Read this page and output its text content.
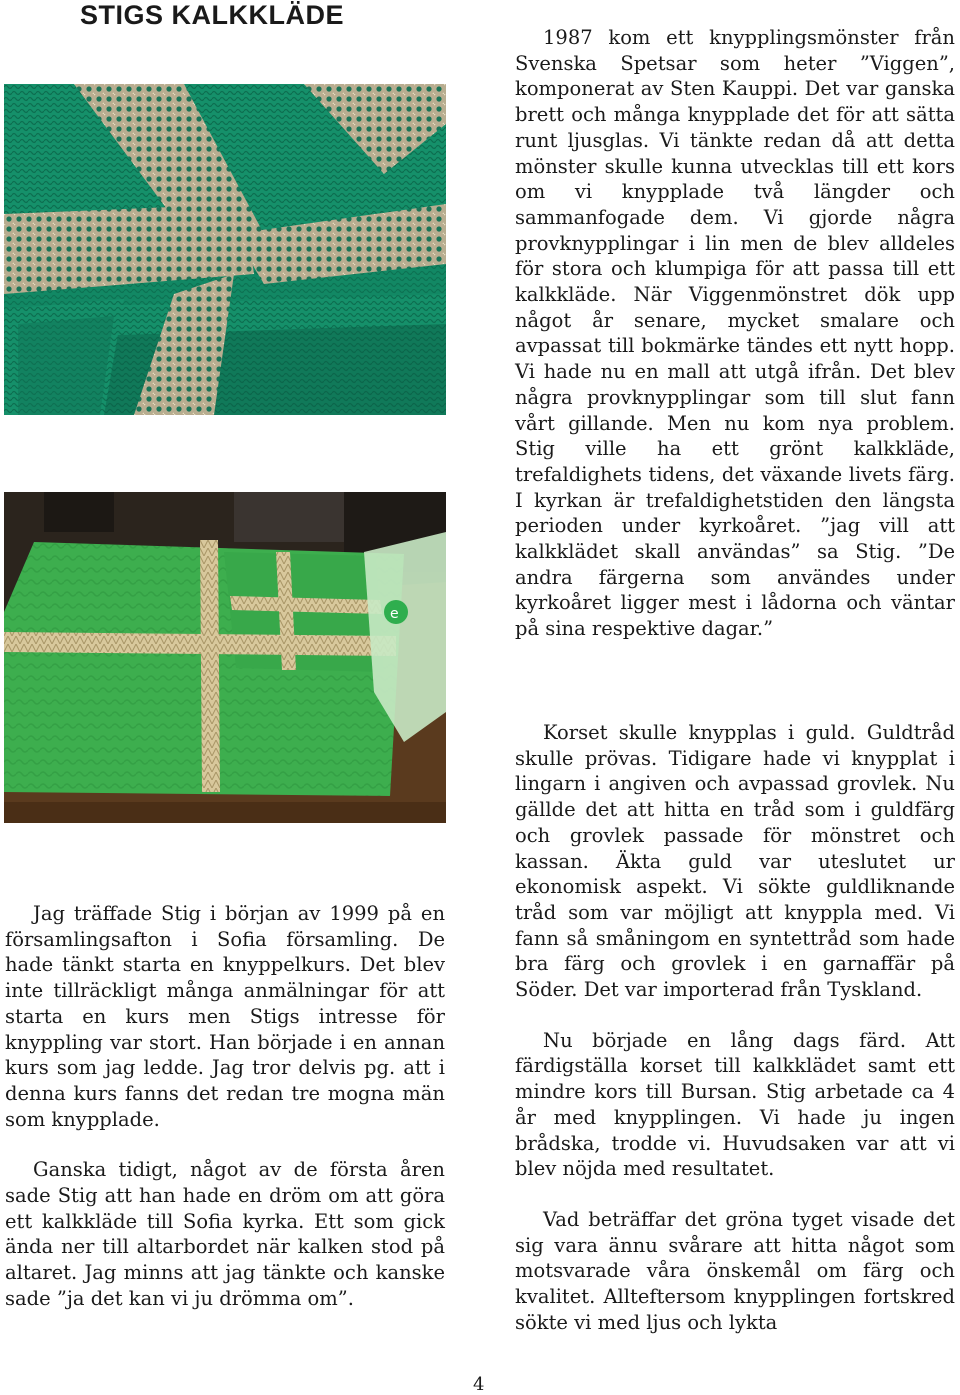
STIGS KALKKLÄDE
e

1987 kom ett knypplingsmönster från Svenska Spetsar som heter ”Viggen”, komponerat av Sten Kauppi. Det var ganska brett och många knypplade det för att sätta runt ljusglas. Vi tänkte redan då att detta mönster skulle kunna utvecklas till ett kors om vi knypplade två längder och sammanfogade dem. Vi gjorde några provknypplingar i lin men de blev alldeles för stora och klumpiga för att passa till ett kalkkläde. När Viggenmönstret dök upp något år senare, mycket smalare och avpassat till bokmärke tändes ett nytt hopp. Vi hade nu en mall att utgå ifrån. Det blev några provknypplingar som till slut fann vårt gillande. Men nu kom nya problem. Stig ville ha ett grönt kalkkläde, trefaldighets tidens, det växande livets färg. I kyrkan är trefaldighetstiden den längsta perioden under kyrkoåret. ”jag vill att kalkklädet skall användas” sa Stig. ”De andra färgerna som användes under kyrkoåret ligger mest i lådorna och väntar på sina respektive dagar.”

Korset skulle knypplas i guld. Guldtråd skulle prövas. Tidigare hade vi knypplat i lingarn i angiven och avpassad grovlek. Nu gällde det att hitta en tråd som i guldfärg och grovlek passade för mönstret och kassan. Äkta guld var uteslutet ur ekonomisk aspekt. Vi sökte guldliknande tråd som var möjligt att knyppla med. Vi fann så småningom en syntettråd som hade bra färg och grovlek i en garnaffär på Söder. Det var importerad från Tyskland.

Nu började en lång dags färd. Att färdigställa korset till kalkklädet samt ett mindre kors till Bursan. Stig arbetade ca 4 år med knypplingen. Vi hade ju ingen brådska, trodde vi. Huvudsaken var att vi blev nöjda med resultatet.

Vad beträffar det gröna tyget visade det sig vara ännu svårare att hitta något som motsvarade våra önskemål om färg och kvalitet. Allteftersom knypplingen fortskred sökte vi med ljus och lykta

Jag träffade Stig i början av 1999 på en församlingsafton i Sofia församling. De hade tänkt starta en knyppelkurs. Det blev inte tillräckligt många anmälningar för att starta en kurs men Stigs intresse för knyppling var stort. Han började i en annan kurs som jag ledde. Jag tror delvis pg. att i denna kurs fanns det redan tre mogna män som knypplade.

Ganska tidigt, något av de första åren sade Stig att han hade en dröm om att göra ett kalkkläde till Sofia kyrka. Ett som gick ända ner till altarbordet när kalken stod på altaret. Jag minns att jag tänkte och kanske sade ”ja det kan vi ju drömma om”.

4
